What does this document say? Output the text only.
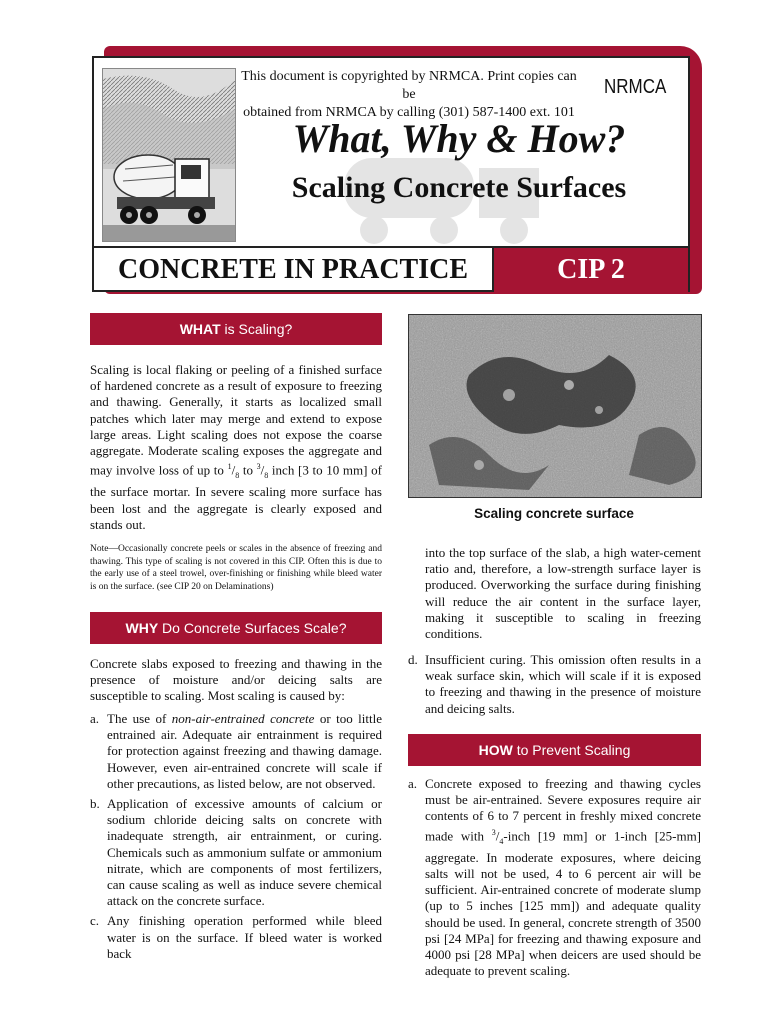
This document is copyrighted by NRMCA. Print copies can be
obtained from NRMCA by calling (301) 587-1400 ext. 101
NRMCA
What, Why & How?
Scaling Concrete Surfaces
CONCRETE IN PRACTICE	CIP 2
WHAT is Scaling?
Scaling is local flaking or peeling of a finished surface of hardened concrete as a result of exposure to freezing and thawing. Generally, it starts as localized small patches which later may merge and extend to expose large areas. Light scaling does not expose the coarse aggregate. Moderate scaling exposes the aggregate and may involve loss of up to $^1/_8$ to $^3/_8$ inch [3 to 10 mm] of the surface mortar. In severe scaling more surface has been lost and the aggregate is clearly exposed and stands out.
Note—Occasionally concrete peels or scales in the absence of freezing and thawing. This type of scaling is not covered in this CIP. Often this is due to the early use of a steel trowel, over-finishing or finishing while bleed water is on the surface. (see CIP 20 on Delaminations)
WHY Do Concrete Surfaces Scale?
Concrete slabs exposed to freezing and thawing in the presence of moisture and/or deicing salts are susceptible to scaling. Most scaling is caused by:
a. The use of non-air-entrained concrete or too little entrained air. Adequate air entrainment is required for protection against freezing and thawing damage. However, even air-entrained concrete will scale if other precautions, as listed below, are not observed.
b. Application of excessive amounts of calcium or sodium chloride deicing salts on concrete with inadequate strength, air entrainment, or curing. Chemicals such as ammonium sulfate or ammonium nitrate, which are components of most fertilizers, can cause scaling as well as induce severe chemical attack on the concrete surface.
c. Any finishing operation performed while bleed water is on the surface. If bleed water is worked back
Scaling concrete surface
into the top surface of the slab, a high water-cement ratio and, therefore, a low-strength surface layer is produced. Overworking the surface during finishing will reduce the air content in the surface layer, making it susceptible to scaling in freezing conditions.
d. Insufficient curing. This omission often results in a weak surface skin, which will scale if it is exposed to freezing and thawing in the presence of moisture and deicing salts.
HOW to Prevent Scaling
a. Concrete exposed to freezing and thawing cycles must be air-entrained. Severe exposures require air contents of 6 to 7 percent in freshly mixed concrete made with $^3/_4$-inch [19 mm] or 1-inch [25-mm] aggregate. In moderate exposures, where deicing salts will not be used, 4 to 6 percent air will be sufficient. Air-entrained concrete of moderate slump (up to 5 inches [125 mm]) and adequate quality should be used. In general, concrete strength of 3500 psi [24 MPa] for freezing and thawing exposure and 4000 psi [28 MPa] when deicers are used should be adequate to prevent scaling.
